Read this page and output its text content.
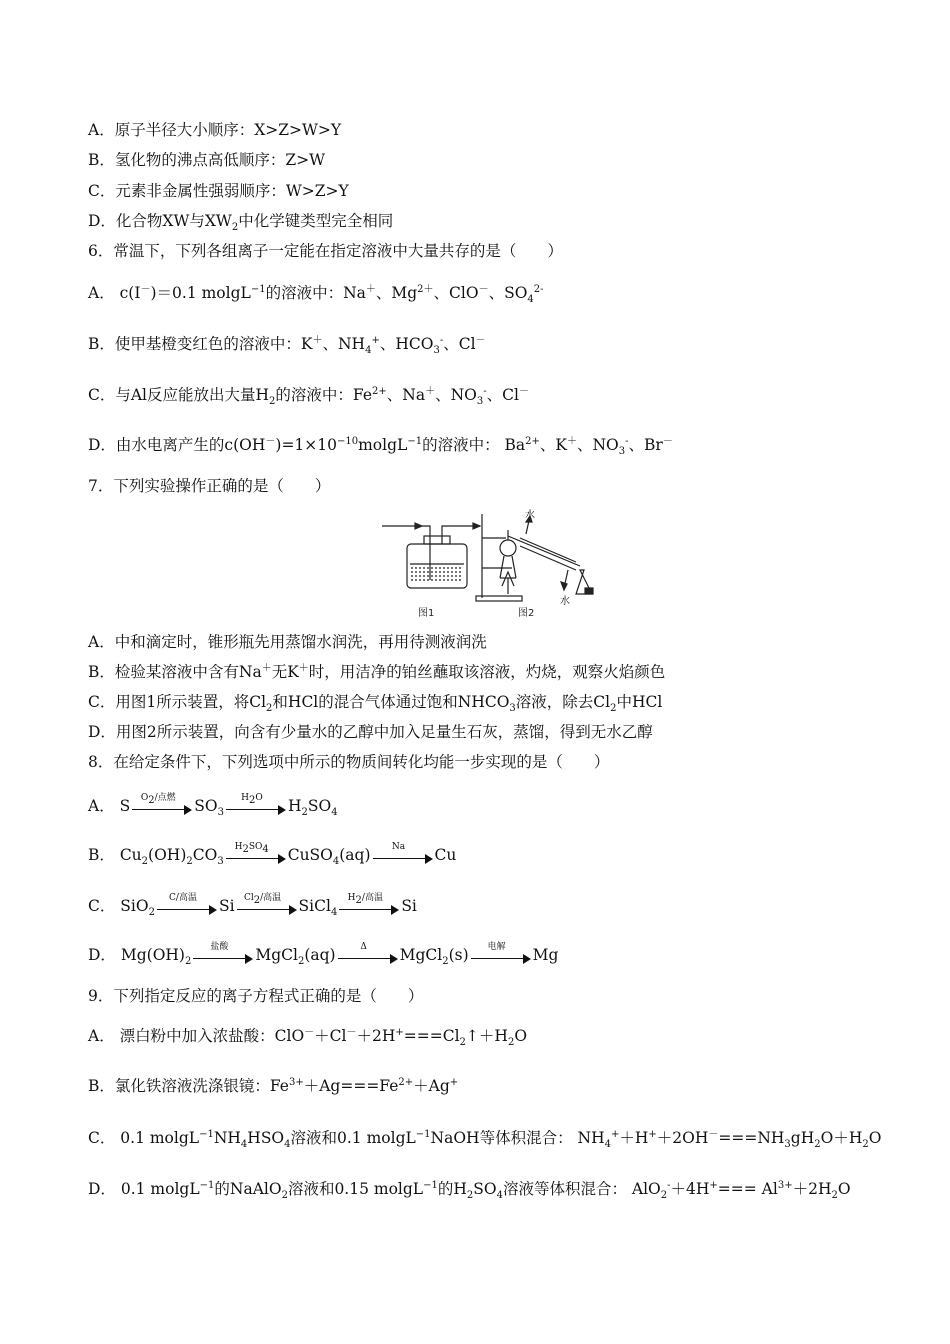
A．原子半径大小顺序：X>Z>W>Y
B．氢化物的沸点高低顺序：Z>W
C．元素非金属性强弱顺序：W>Z>Y
D．化合物XW与$XW_2$中化学键类型完全相同
6．常温下，下列各组离子一定能在指定溶液中大量共存的是（　　）
A． c(I－)＝0.1 molgL$^{-1}$的溶液中：Na＋、$Mg^{2+}$、ClO－、$SO_4^{2-}$
B．使甲基橙变红色的溶液中：K＋、$NH_4^+$、$HCO_3^-$、Cl－
C．与Al反应能放出大量$H_2$的溶液中：$Fe^{2+}$、Na＋、$NO_3^-$、Cl－
D．由水电离产生的$c(OH^-)=1\times 10^{-10}molgL^{-1}$的溶液中： $Ba^{2+}$、K＋、$NO_3^-$、Br－
7．下列实验操作正确的是（　　）
A．中和滴定时，锥形瓶先用蒸馏水润洗，再用待测液润洗
B．检验某溶液中含有Na＋无K＋时，用洁净的铂丝蘸取该溶液，灼烧，观察火焰颜色
C．用图1所示装置，将$Cl_2$和HCl的混合气体通过饱和$NHCO_3$溶液，除去$Cl_2$中HCl
D．用图2所示装置，向含有少量水的乙醇中加入足量生石灰，蒸馏，得到无水乙醇
8．在给定条件下，下列选项中所示的物质间转化均能一步实现的是（　　）
A． S	$O_2/$点燃	$SO_3$
$H_2O$	$H_2SO_4$
B． $Cu_2(OH)_2CO_3$
$H_2SO_4$	CuSO$_4$(aq)	Na	Cu
C． SiO$_2$
C/高温	Si	$Cl_2/$高温	SiCl$_4$
$H_2/$高温	Si
D． $Mg(OH)_2$
盐酸	MgCl$_2$(aq)	Δ	MgCl$_2$(s)	电解	Mg
9．下列指定反应的离子方程式正确的是（　　）
A． 漂白粉中加入浓盐酸：$ClO^-+Cl^-+2H^+===Cl_2↑+H_2O$
B．氯化铁溶液洗涤银镜：$Fe^{3+}+Ag===Fe^{2+}+Ag^+$
C． 0.1 $molgL^{-1}NH_4HSO_4$溶液和0.1 molgL$^{-1}$NaOH等体积混合： $NH_4^++H^++2OH^-===NH_3gH_2O+H_2O$
D． 0.1 molgL$^{-1}$的NaAlO$_2$溶液和0.15 molgL$^{-1}$的$H_2SO_4$溶液等体积混合： $AlO_2^-+4H^+=== Al^{3+}+2H_2O$
水
水
图1	图2
